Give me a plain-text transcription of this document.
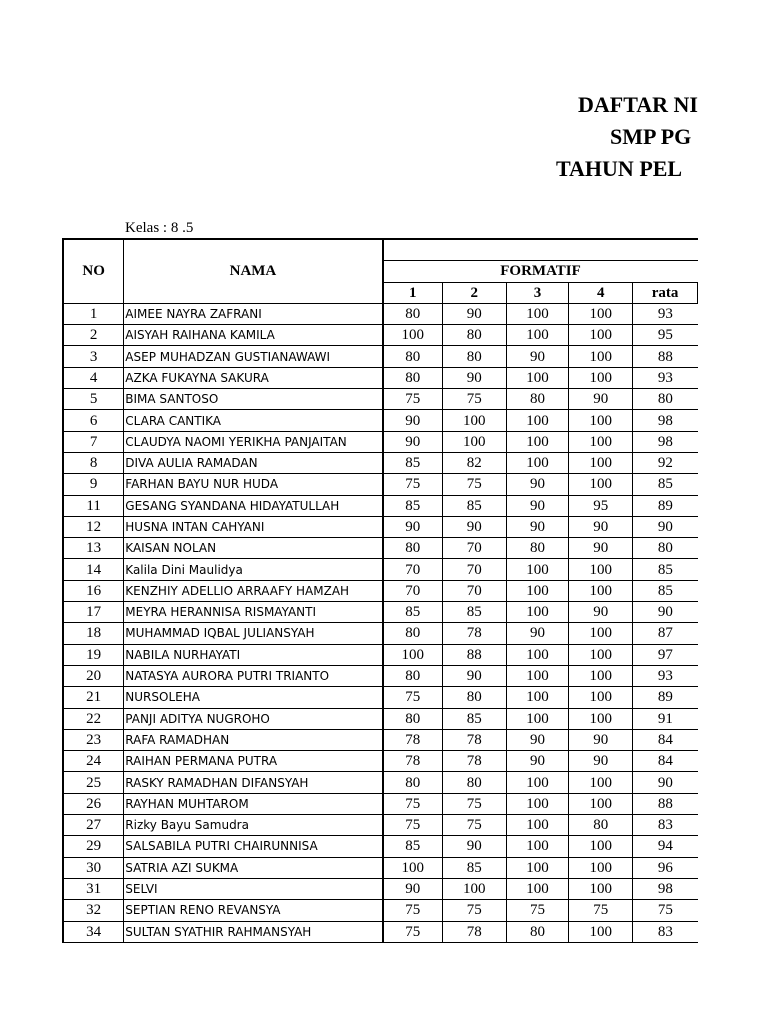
DAFTAR NI
SMP PG
TAHUN PEL
Kelas : 8 .5
NO	NAMA					
		FORMATIF				
		1	2	3	4	rata
1	AIMEE NAYRA ZAFRANI	80	90	100	100	93
2	AISYAH RAIHANA KAMILA	100	80	100	100	95
3	ASEP MUHADZAN GUSTIANAWAWI	80	80	90	100	88
4	AZKA FUKAYNA SAKURA	80	90	100	100	93
5	BIMA SANTOSO	75	75	80	90	80
6	CLARA CANTIKA	90	100	100	100	98
7	CLAUDYA NAOMI YERIKHA PANJAITAN	90	100	100	100	98
8	DIVA AULIA RAMADAN	85	82	100	100	92
9	FARHAN BAYU NUR HUDA	75	75	90	100	85
11	GESANG SYANDANA HIDAYATULLAH	85	85	90	95	89
12	HUSNA INTAN CAHYANI	90	90	90	90	90
13	KAISAN NOLAN	80	70	80	90	80
14	Kalila Dini Maulidya	70	70	100	100	85
16	KENZHIY ADELLIO ARRAAFY HAMZAH	70	70	100	100	85
17	MEYRA HERANNISA RISMAYANTI	85	85	100	90	90
18	MUHAMMAD IQBAL JULIANSYAH	80	78	90	100	87
19	NABILA NURHAYATI	100	88	100	100	97
20	NATASYA AURORA PUTRI TRIANTO	80	90	100	100	93
21	NURSOLEHA	75	80	100	100	89
22	PANJI ADITYA NUGROHO	80	85	100	100	91
23	RAFA RAMADHAN	78	78	90	90	84
24	RAIHAN PERMANA PUTRA	78	78	90	90	84
25	RASKY RAMADHAN DIFANSYAH	80	80	100	100	90
26	RAYHAN MUHTAROM	75	75	100	100	88
27	Rizky Bayu Samudra	75	75	100	80	83
29	SALSABILA PUTRI CHAIRUNNISA	85	90	100	100	94
30	SATRIA AZI SUKMA	100	85	100	100	96
31	SELVI	90	100	100	100	98
32	SEPTIAN RENO REVANSYA	75	75	75	75	75
34	SULTAN SYATHIR RAHMANSYAH	75	78	80	100	83
